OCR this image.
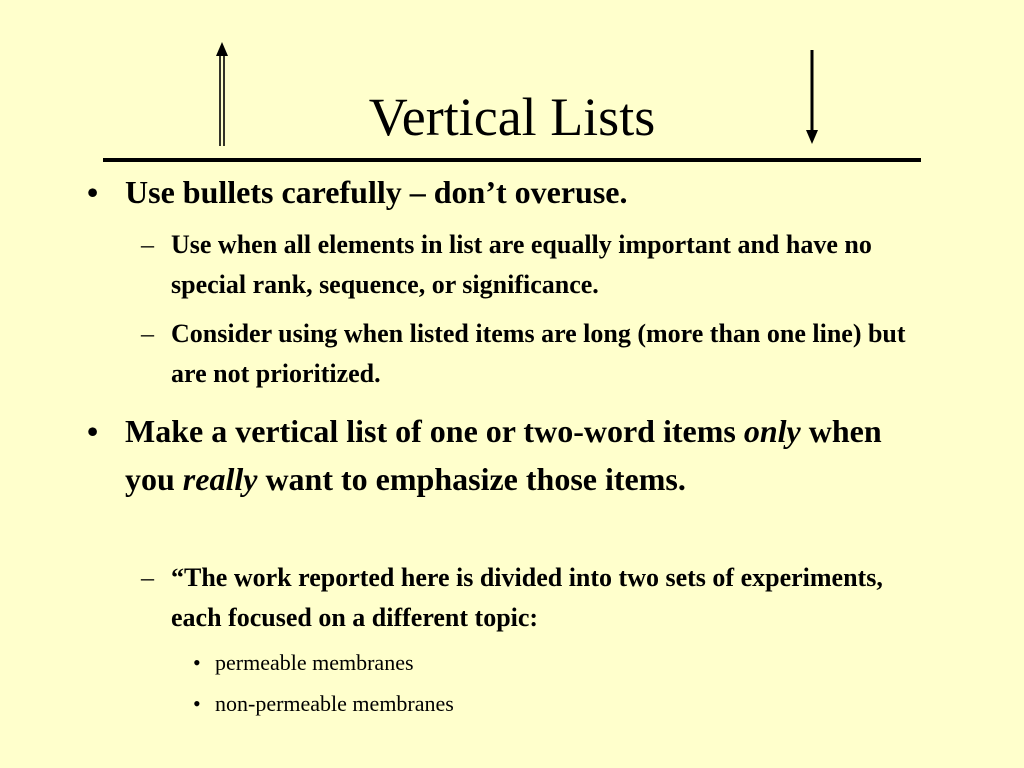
Vertical Lists
• Use bullets carefully – don’t overuse.
– Use when all elements in list are equally important and have no special rank, sequence, or significance.
– Consider using when listed items are long (more than one line) but are not prioritized.
• Make a vertical list of one or two-word items only when you really want to emphasize those items.
– “The work reported here is divided into two sets of experiments, each focused on a different topic:
• permeable membranes
• non-permeable membranes
